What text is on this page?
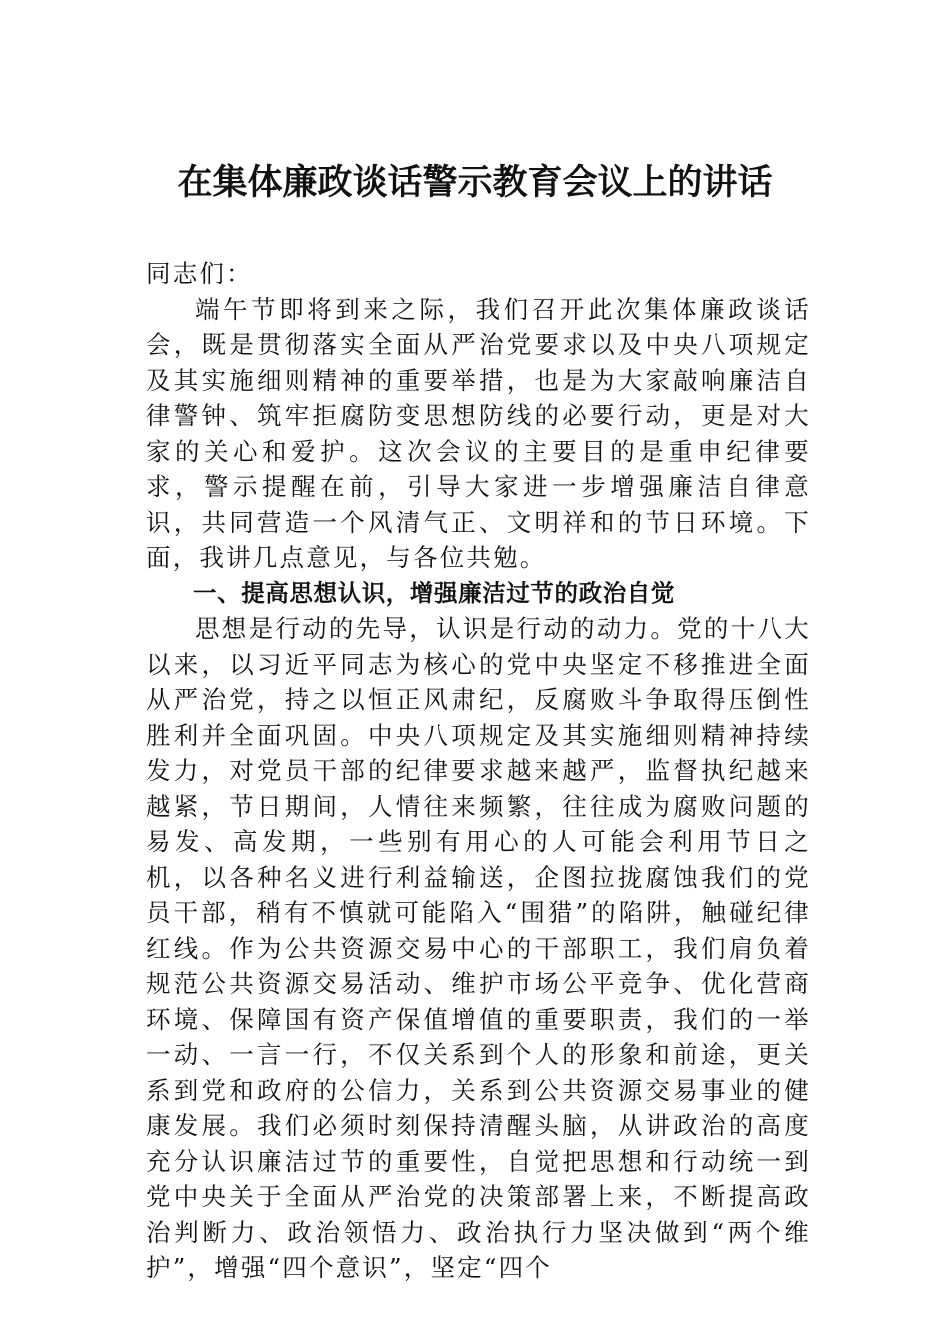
在集体廉政谈话警示教育会议上的讲话

同志们：

端午节即将到来之际，我们召开此次集体廉政谈话会，既是贯彻落实全面从严治党要求以及中央八项规定及其实施细则精神的重要举措，也是为大家敲响廉洁自律警钟、筑牢拒腐防变思想防线的必要行动，更是对大家的关心和爱护。这次会议的主要目的是重申纪律要求，警示提醒在前，引导大家进一步增强廉洁自律意识，共同营造一个风清气正、文明祥和的节日环境。下面，我讲几点意见，与各位共勉。

一、提高思想认识，增强廉洁过节的政治自觉

思想是行动的先导，认识是行动的动力。党的十八大以来，以习近平同志为核心的党中央坚定不移推进全面从严治党，持之以恒正风肃纪，反腐败斗争取得压倒性胜利并全面巩固。中央八项规定及其实施细则精神持续发力，对党员干部的纪律要求越来越严，监督执纪越来越紧，节日期间，人情往来频繁，往往成为腐败问题的易发、高发期，一些别有用心的人可能会利用节日之机，以各种名义进行利益输送，企图拉拢腐蚀我们的党员干部，稍有不慎就可能陷入“围猎”的陷阱，触碰纪律红线。作为公共资源交易中心的干部职工，我们肩负着规范公共资源交易活动、维护市场公平竞争、优化营商环境、保障国有资产保值增值的重要职责，我们的一举一动、一言一行，不仅关系到个人的形象和前途，更关系到党和政府的公信力，关系到公共资源交易事业的健康发展。我们必须时刻保持清醒头脑，从讲政治的高度充分认识廉洁过节的重要性，自觉把思想和行动统一到党中央关于全面从严治党的决策部署上来，不断提高政治判断力、政治领悟力、政治执行力坚决做到“两个维护”，增强“四个意识”，坚定“四个
